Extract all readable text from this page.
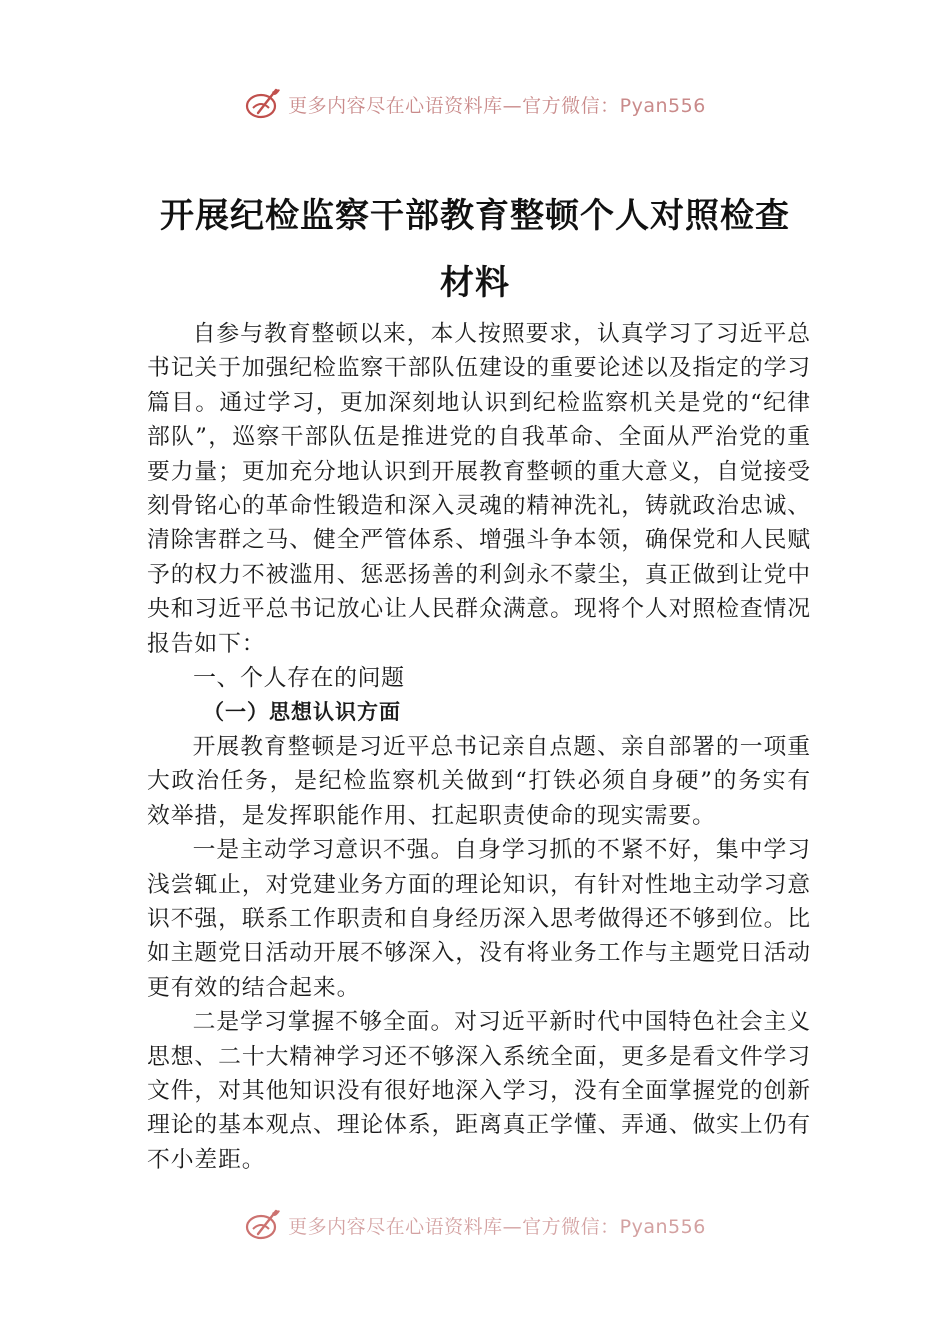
更多内容尽在心语资料库—官方微信：Pyan556
开展纪检监察干部教育整顿个人对照检查
材料

自参与教育整顿以来，本人按照要求，认真学习了习近平总书记关于加强纪检监察干部队伍建设的重要论述以及指定的学习篇目。通过学习，更加深刻地认识到纪检监察机关是党的“纪律部队”，巡察干部队伍是推进党的自我革命、全面从严治党的重要力量；更加充分地认识到开展教育整顿的重大意义，自觉接受刻骨铭心的革命性锻造和深入灵魂的精神洗礼，铸就政治忠诚、清除害群之马、健全严管体系、增强斗争本领，确保党和人民赋予的权力不被滥用、惩恶扬善的利剑永不蒙尘，真正做到让党中央和习近平总书记放心让人民群众满意。现将个人对照检查情况报告如下：

一、个人存在的问题
（一）思想认识方面

开展教育整顿是习近平总书记亲自点题、亲自部署的一项重大政治任务，是纪检监察机关做到“打铁必须自身硬”的务实有效举措，是发挥职能作用、扛起职责使命的现实需要。

一是主动学习意识不强。自身学习抓的不紧不好，集中学习浅尝辄止，对党建业务方面的理论知识，有针对性地主动学习意识不强，联系工作职责和自身经历深入思考做得还不够到位。比如主题党日活动开展不够深入，没有将业务工作与主题党日活动更有效的结合起来。

二是学习掌握不够全面。对习近平新时代中国特色社会主义思想、二十大精神学习还不够深入系统全面，更多是看文件学习文件，对其他知识没有很好地深入学习，没有全面掌握党的创新理论的基本观点、理论体系，距离真正学懂、弄通、做实上仍有不小差距。

更多内容尽在心语资料库—官方微信：Pyan556
